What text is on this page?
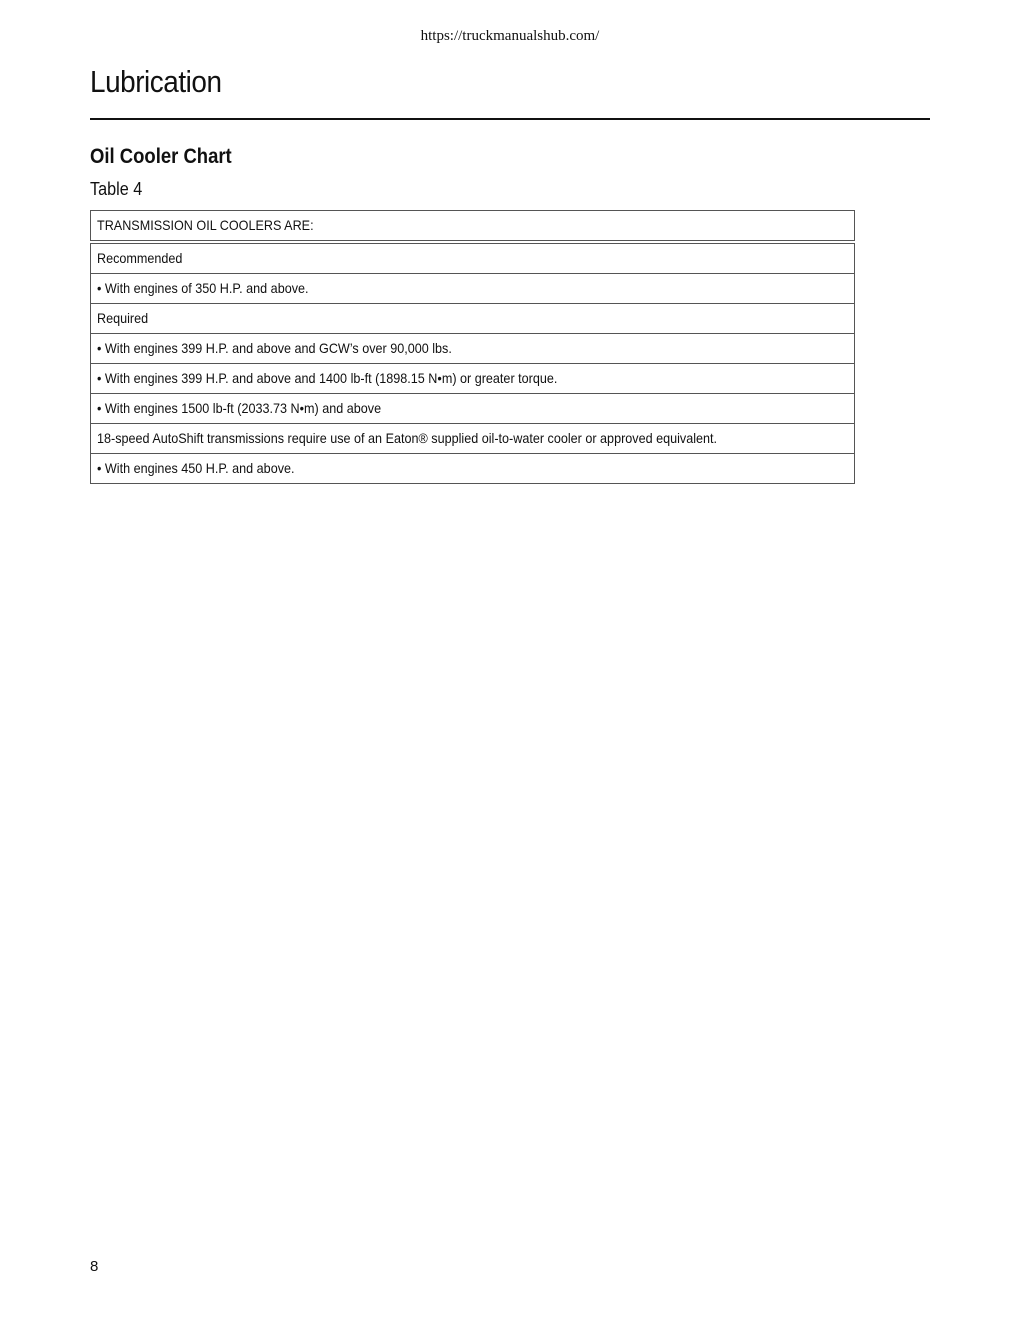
https://truckmanualshub.com/
Lubrication
Oil Cooler Chart
Table 4
TRANSMISSION OIL COOLERS ARE:
Recommended
• With engines of 350 H.P. and above.
Required
• With engines 399 H.P. and above and GCW’s over 90,000 lbs.
• With engines 399 H.P. and above and 1400 lb-ft (1898.15 N•m) or greater torque.
• With engines 1500 lb-ft (2033.73 N•m) and above
18-speed AutoShift transmissions require use of an Eaton® supplied oil-to-water cooler or approved equivalent.
• With engines 450 H.P. and above.
8
